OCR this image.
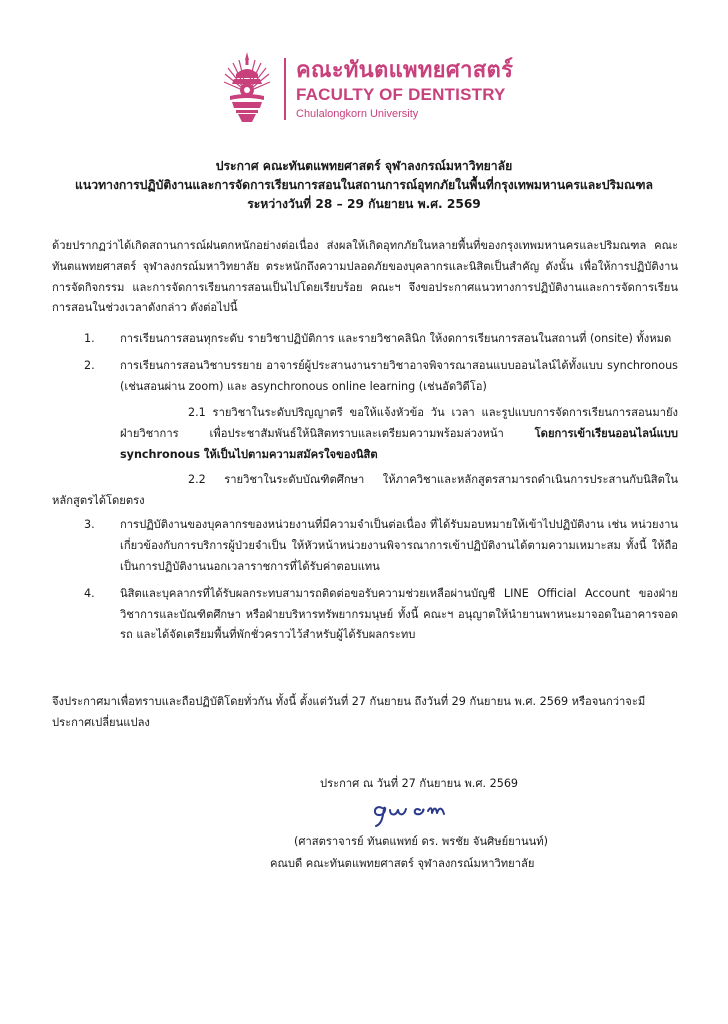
คณะทันตแพทยศาสตร์
FACULTY OF DENTISTRY
Chulalongkorn University
ประกาศ คณะทันตแพทยศาสตร์ จุฬาลงกรณ์มหาวิทยาลัย
แนวทางการปฏิบัติงานและการจัดการเรียนการสอนในสถานการณ์อุทกภัยในพื้นที่กรุงเทพมหานครและปริมณฑล
ระหว่างวันที่ 28 – 29 กันยายน พ.ศ. 2569
ด้วยปรากฏว่าได้เกิดสถานการณ์ฝนตกหนักอย่างต่อเนื่อง ส่งผลให้เกิดอุทกภัยในหลายพื้นที่ของกรุงเทพมหานครและปริมณฑล คณะทันตแพทยศาสตร์ จุฬาลงกรณ์มหาวิทยาลัย ตระหนักถึงความปลอดภัยของบุคลากรและนิสิตเป็นสำคัญ ดังนั้น เพื่อให้การปฏิบัติงาน การจัดกิจกรรม และการจัดการเรียนการสอนเป็นไปโดยเรียบร้อย คณะฯ จึงขอประกาศแนวทางการปฏิบัติงานและการจัดการเรียนการสอนในช่วงเวลาดังกล่าว ดังต่อไปนี้
1.	การเรียนการสอนทุกระดับ รายวิชาปฏิบัติการ และรายวิชาคลินิก ให้งดการเรียนการสอนในสถานที่ (onsite) ทั้งหมด
2.	การเรียนการสอนวิชาบรรยาย อาจารย์ผู้ประสานงานรายวิชาอาจพิจารณาสอนแบบออนไลน์ได้ทั้งแบบ synchronous (เช่นสอนผ่าน zoom) และ asynchronous online learning (เช่นอัดวิดีโอ)
2.1 รายวิชาในระดับปริญญาตรี ขอให้แจ้งหัวข้อ วัน เวลา และรูปแบบการจัดการเรียนการสอนมายังฝ่ายวิชาการ เพื่อประชาสัมพันธ์ให้นิสิตทราบและเตรียมความพร้อมล่วงหน้า โดยการเข้าเรียนออนไลน์แบบ synchronous ให้เป็นไปตามความสมัครใจของนิสิต
2.2 รายวิชาในระดับบัณฑิตศึกษา ให้ภาควิชาและหลักสูตรสามารถดำเนินการประสานกับนิสิตในหลักสูตรได้โดยตรง
3.	การปฏิบัติงานของบุคลากรของหน่วยงานที่มีความจำเป็นต่อเนื่อง ที่ได้รับมอบหมายให้เข้าไปปฏิบัติงาน เช่น หน่วยงานเกี่ยวข้องกับการบริการผู้ป่วยจำเป็น ให้หัวหน้าหน่วยงานพิจารณาการเข้าปฏิบัติงานได้ตามความเหมาะสม ทั้งนี้ ให้ถือเป็นการปฏิบัติงานนอกเวลาราชการที่ได้รับค่าตอบแทน
4.	นิสิตและบุคลากรที่ได้รับผลกระทบสามารถติดต่อขอรับความช่วยเหลือผ่านบัญชี LINE Official Account ของฝ่ายวิชาการและบัณฑิตศึกษา หรือฝ่ายบริหารทรัพยากรมนุษย์ ทั้งนี้ คณะฯ อนุญาตให้นำยานพาหนะมาจอดในอาคารจอดรถ และได้จัดเตรียมพื้นที่พักชั่วคราวไว้สำหรับผู้ได้รับผลกระทบ
จึงประกาศมาเพื่อทราบและถือปฏิบัติโดยทั่วกัน ทั้งนี้ ตั้งแต่วันที่ 27 กันยายน ถึงวันที่ 29 กันยายน พ.ศ. 2569 หรือจนกว่าจะมีประกาศเปลี่ยนแปลง
ประกาศ ณ วันที่ 27 กันยายน พ.ศ. 2569
(ศาสตราจารย์ ทันตแพทย์ ดร. พรชัย จันศิษย์ยานนท์)
คณบดี คณะทันตแพทยศาสตร์ จุฬาลงกรณ์มหาวิทยาลัย
